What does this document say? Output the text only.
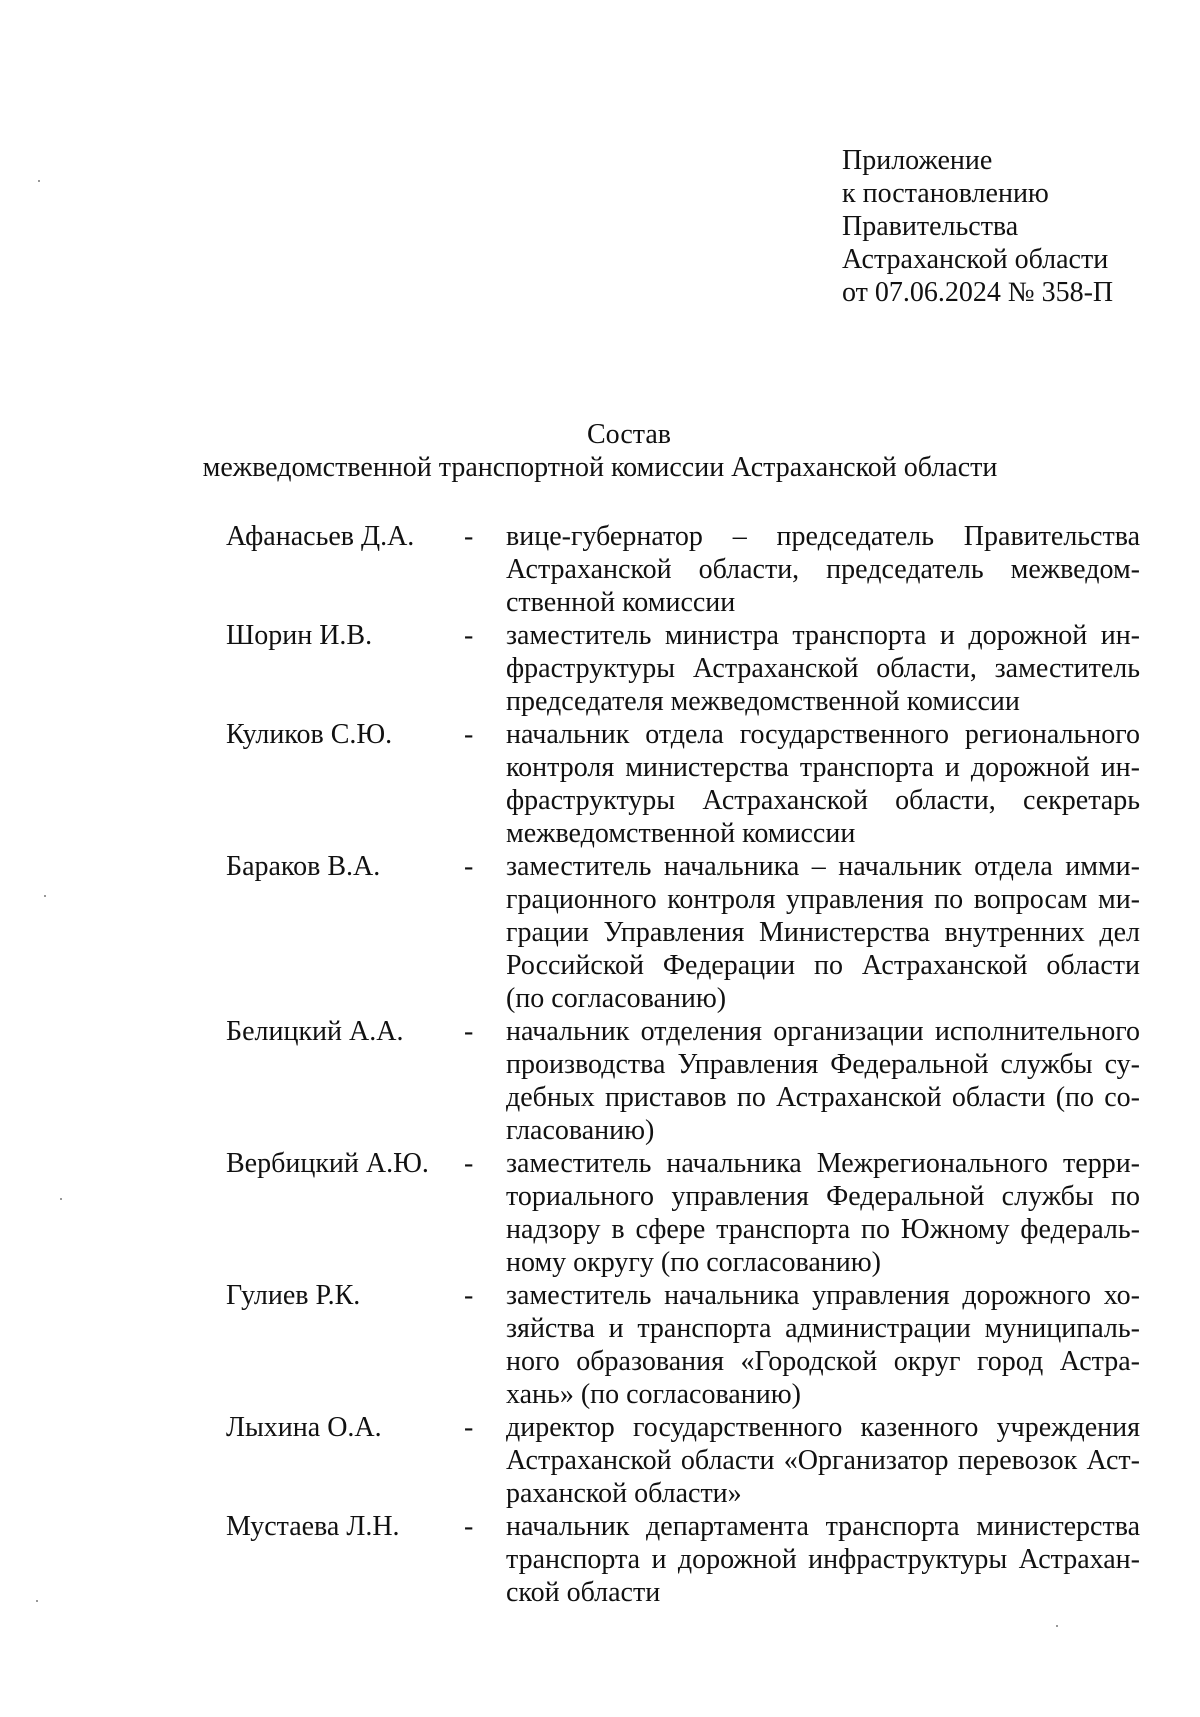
Приложение
к постановлению
Правительства
Астраханской области
от 07.06.2024 № 358-П
Состав
межведомственной транспортной комиссии Астраханской области
Афанасьев Д.А.	-	вице-губернатор – председатель Правительства
Астраханской области, председатель межведом-
ственной комиссии
Шорин И.В.	-	заместитель министра транспорта и дорожной ин-
фраструктуры Астраханской области, заместитель
председателя межведомственной комиссии
Куликов С.Ю.	-	начальник отдела государственного регионального
контроля министерства транспорта и дорожной ин-
фраструктуры Астраханской области, секретарь
межведомственной комиссии
Бараков В.А.	-	заместитель начальника – начальник отдела имми-
грационного контроля управления по вопросам ми-
грации Управления Министерства внутренних дел
Российской Федерации по Астраханской области
(по согласованию)
Белицкий А.А.	-	начальник отделения организации исполнительного
производства Управления Федеральной службы су-
дебных приставов по Астраханской области (по со-
гласованию)
Вербицкий А.Ю.	-	заместитель начальника Межрегионального терри-
ториального управления Федеральной службы по
надзору в сфере транспорта по Южному федераль-
ному округу (по согласованию)
Гулиев Р.К.	-	заместитель начальника управления дорожного хо-
зяйства и транспорта администрации муниципаль-
ного образования «Городской округ город Астра-
хань» (по согласованию)
Лыхина О.А.	-	директор государственного казенного учреждения
Астраханской области «Организатор перевозок Аст-
раханской области»
Мустаева Л.Н.	-	начальник департамента транспорта министерства
транспорта и дорожной инфраструктуры Астрахан-
ской области
